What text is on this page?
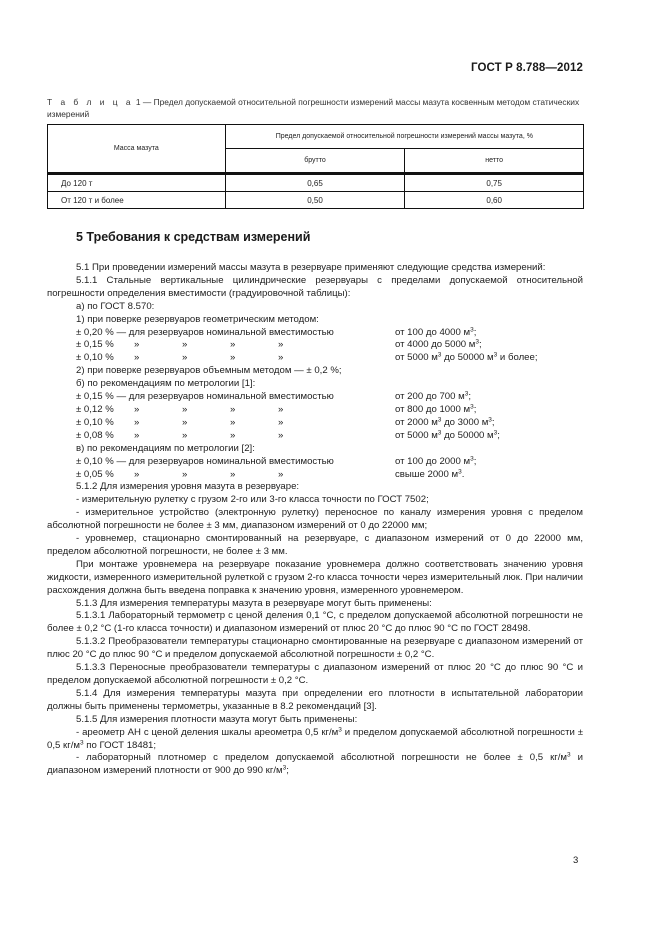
ГОСТ Р 8.788—2012
Т а б л и ц а 1 — Предел допускаемой относительной погрешности измерений массы мазута косвенным методом статических измерений
Масса мазута	Предел допускаемой относительной погрешности измерений массы мазута, %	
	брутто	нетто
До 120 т	0,65	0,75
От 120 т и более	0,50	0,60
5 Требования к средствам измерений

5.1 При проведении измерений массы мазута в резервуаре применяют следующие средства измерений:

5.1.1 Стальные вертикальные цилиндрические резервуары с пределами допускаемой относительной погрешности определения вместимости (градуировочной таблицы):

а) по ГОСТ 8.570:

1) при поверке резервуаров геометрическим методом:

± 0,20 % — для резервуаров номинальной вместимостью	от 100 до 4000 $м^3$;
± 0,15 %	»	»	»	»	от 4000 до 5000 $м^3$;
± 0,10 %	»	»	»	»	от 5000 $м^3$ до 50000 $м^3$ и более;

2) при поверке резервуаров объемным методом — ± 0,2 %;

б) по рекомендациям по метрологии [1]:

± 0,15 % — для резервуаров номинальной вместимостью	от 200 до 700 $м^3$;
± 0,12 %	»	»	»	»	от 800 до 1000 $м^3$;
± 0,10 %	»	»	»	»	от 2000 $м^3$ до 3000 $м^3$;
± 0,08 %	»	»	»	»	от 5000 $м^3$ до 50000 $м^3$;

в) по рекомендациям по метрологии [2]:

± 0,10 % — для резервуаров номинальной вместимостью	от 100 до 2000 $м^3$;
± 0,05 %	»	»	»	»	свыше 2000 $м^3$.

5.1.2 Для измерения уровня мазута в резервуаре:

- измерительную рулетку с грузом 2-го или 3-го класса точности по ГОСТ 7502;

- измерительное устройство (электронную рулетку) переносное по каналу измерения уровня с пределом абсолютной погрешности не более ± 3 мм, диапазоном измерений от 0 до 22000 мм;

- уровнемер, стационарно смонтированный на резервуаре, с диапазоном измерений от 0 до 22000 мм, пределом абсолютной погрешности, не более ± 3 мм.

При монтаже уровнемера на резервуаре показание уровнемера должно соответствовать значению уровня жидкости, измеренного измерительной рулеткой с грузом 2-го класса точности через измерительный люк. При наличии расхождения должна быть введена поправка к значению уровня, измеренного уровнемером.

5.1.3 Для измерения температуры мазута в резервуаре могут быть применены:

5.1.3.1 Лабораторный термометр с ценой деления 0,1 °С, с пределом допускаемой абсолютной погрешности не более ± 0,2 °С (1-го класса точности) и диапазоном измерений от плюс 20 °С до плюс 90 °С по ГОСТ 28498.

5.1.3.2 Преобразователи температуры стационарно смонтированные на резервуаре с диапазоном измерений от плюс 20 °С до плюс 90 °С и пределом допускаемой абсолютной погрешности ± 0,2 °С.

5.1.3.3 Переносные преобразователи температуры с диапазоном измерений от плюс 20 °С до плюс 90 °С и пределом допускаемой абсолютной погрешности ± 0,2 °С.

5.1.4 Для измерения температуры мазута при определении его плотности в испытательной лаборатории должны быть применены термометры, указанные в 8.2 рекомендаций [3].

5.1.5 Для измерения плотности мазута могут быть применены:

- ареометр АН с ценой деления шкалы ареометра 0,5 $кг/м^3$ и пределом допускаемой абсолютной погрешности ± 0,5 $кг/м^3$ по ГОСТ 18481;

- лабораторный плотномер с пределом допускаемой абсолютной погрешности не более ± 0,5 $кг/м^3$ и диапазоном измерений плотности от 900 до 990 $кг/м^3$;

3
